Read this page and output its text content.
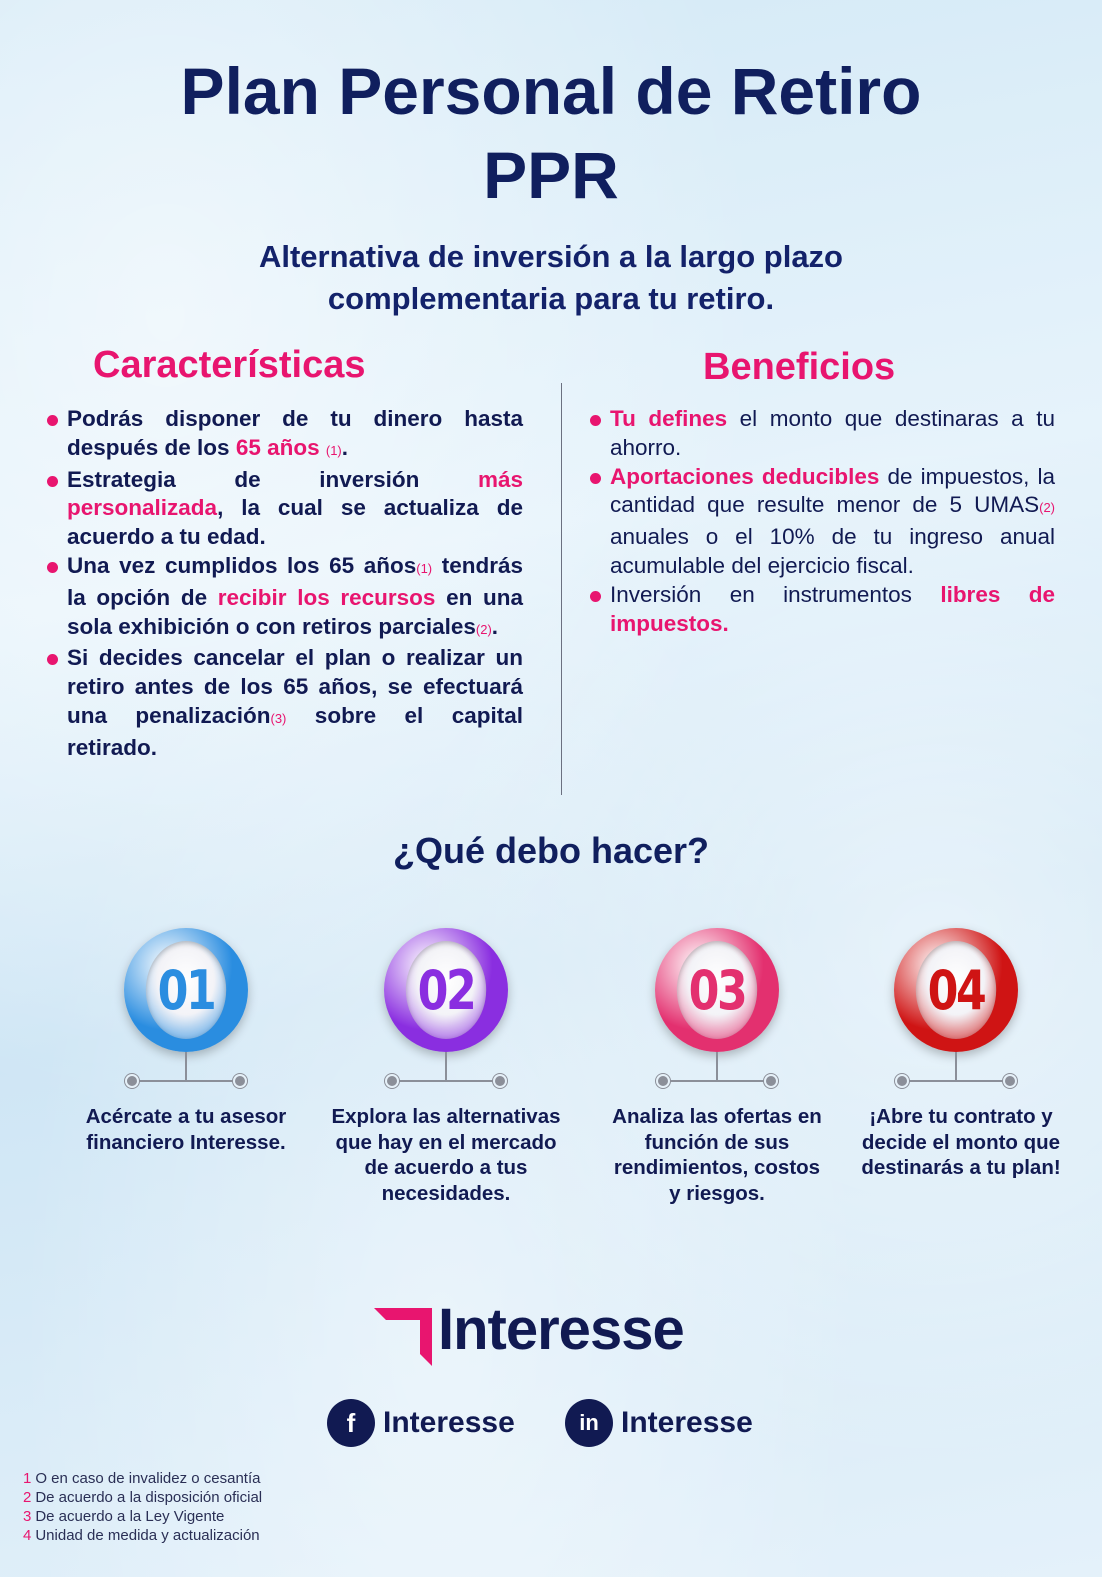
Plan Personal de Retiro
PPR
Alternativa de inversión a la largo plazo
complementaria para tu retiro.
Características	Beneficios
Podrás disponer de tu dinero hasta después de los 65 años (1).
Estrategia de inversión más personalizada, la cual se actualiza de acuerdo a tu edad.
Una vez cumplidos los 65 años(1) tendrás la opción de recibir los recursos en una sola exhibición o con retiros parciales(2).
Si decides cancelar el plan o realizar un retiro antes de los 65 años, se efectuará una penalización(3) sobre el capital retirado.
Tu defines el monto que destinaras a tu ahorro.
Aportaciones deducibles de impuestos, la cantidad que resulte menor de 5 UMAS(2) anuales o el 10% de tu ingreso anual acumulable del ejercicio fiscal.
Inversión en instrumentos libres de impuestos.
¿Qué debo hacer?
01
Acércate a tu asesor financiero Interesse.
02
Explora las alternativas que hay en el mercado de acuerdo a tus necesidades.
03
Analiza las ofertas en función de sus rendimientos, costos y riesgos.
04
¡Abre tu contrato y decide el monto que destinarás a tu plan!
Interesse
f Interesse	in Interesse
1 O en caso de invalidez o cesantía
2 De acuerdo a la disposición oficial
3 De acuerdo a la Ley Vigente
4 Unidad de medida y actualización
